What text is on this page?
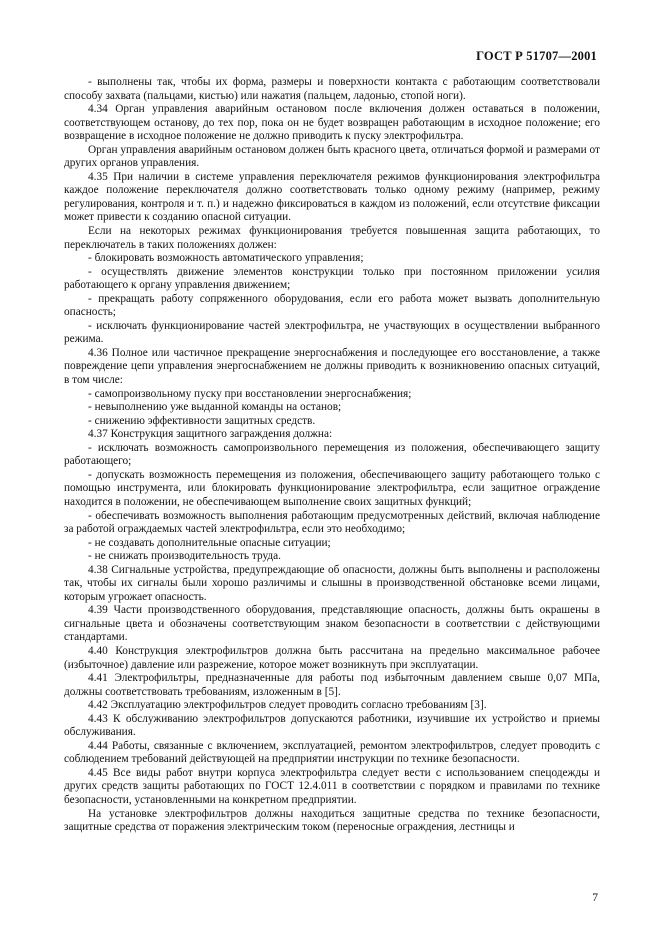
ГОСТ Р 51707—2001

- выполнены так, чтобы их форма, размеры и поверхности контакта с работающим соответствовали способу захвата (пальцами, кистью) или нажатия (пальцем, ладонью, стопой ноги).

4.34 Орган управления аварийным остановом после включения должен оставаться в положении, соответствующем останову, до тех пор, пока он не будет возвращен работающим в исходное положение; его возвращение в исходное положение не должно приводить к пуску электрофильтра.

Орган управления аварийным остановом должен быть красного цвета, отличаться формой и размерами от других органов управления.

4.35 При наличии в системе управления переключателя режимов функционирования электрофильтра каждое положение переключателя должно соответствовать только одному режиму (например, режиму регулирования, контроля и т. п.) и надежно фиксироваться в каждом из положений, если отсутствие фиксации может привести к созданию опасной ситуации.

Если на некоторых режимах функционирования требуется повышенная защита работающих, то переключатель в таких положениях должен:

- блокировать возможность автоматического управления;

- осуществлять движение элементов конструкции только при постоянном приложении усилия работающего к органу управления движением;

- прекращать работу сопряженного оборудования, если его работа может вызвать дополнительную опасность;

- исключать функционирование частей электрофильтра, не участвующих в осуществлении выбранного режима.

4.36 Полное или частичное прекращение энергоснабжения и последующее его восстановление, а также повреждение цепи управления энергоснабжением не должны приводить к возникновению опасных ситуаций, в том числе:

- самопроизвольному пуску при восстановлении энергоснабжения;

- невыполнению уже выданной команды на останов;

- снижению эффективности защитных средств.

4.37 Конструкция защитного заграждения должна:

- исключать возможность самопроизвольного перемещения из положения, обеспечивающего защиту работающего;

- допускать возможность перемещения из положения, обеспечивающего защиту работающего только с помощью инструмента, или блокировать функционирование электрофильтра, если защитное ограждение находится в положении, не обеспечивающем выполнение своих защитных функций;

- обеспечивать возможность выполнения работающим предусмотренных действий, включая наблюдение за работой ограждаемых частей электрофильтра, если это необходимо;

- не создавать дополнительные опасные ситуации;

- не снижать производительность труда.

4.38 Сигнальные устройства, предупреждающие об опасности, должны быть выполнены и расположены так, чтобы их сигналы были хорошо различимы и слышны в производственной обстановке всеми лицами, которым угрожает опасность.

4.39 Части производственного оборудования, представляющие опасность, должны быть окрашены в сигнальные цвета и обозначены соответствующим знаком безопасности в соответствии с действующими стандартами.

4.40 Конструкция электрофильтров должна быть рассчитана на предельно максимальное рабочее (избыточное) давление или разрежение, которое может возникнуть при эксплуатации.

4.41 Электрофильтры, предназначенные для работы под избыточным давлением свыше 0,07 МПа, должны соответствовать требованиям, изложенным в [5].

4.42 Эксплуатацию электрофильтров следует проводить согласно требованиям [3].

4.43 К обслуживанию электрофильтров допускаются работники, изучившие их устройство и приемы обслуживания.

4.44 Работы, связанные с включением, эксплуатацией, ремонтом электрофильтров, следует проводить с соблюдением требований действующей на предприятии инструкции по технике безопасности.

4.45 Все виды работ внутри корпуса электрофильтра следует вести с использованием спецодежды и других средств защиты работающих по ГОСТ 12.4.011 в соответствии с порядком и правилами по технике безопасности, установленными на конкретном предприятии.

На установке электрофильтров должны находиться защитные средства по технике безопасности, защитные средства от поражения электрическим током (переносные ограждения, лестницы и

7
